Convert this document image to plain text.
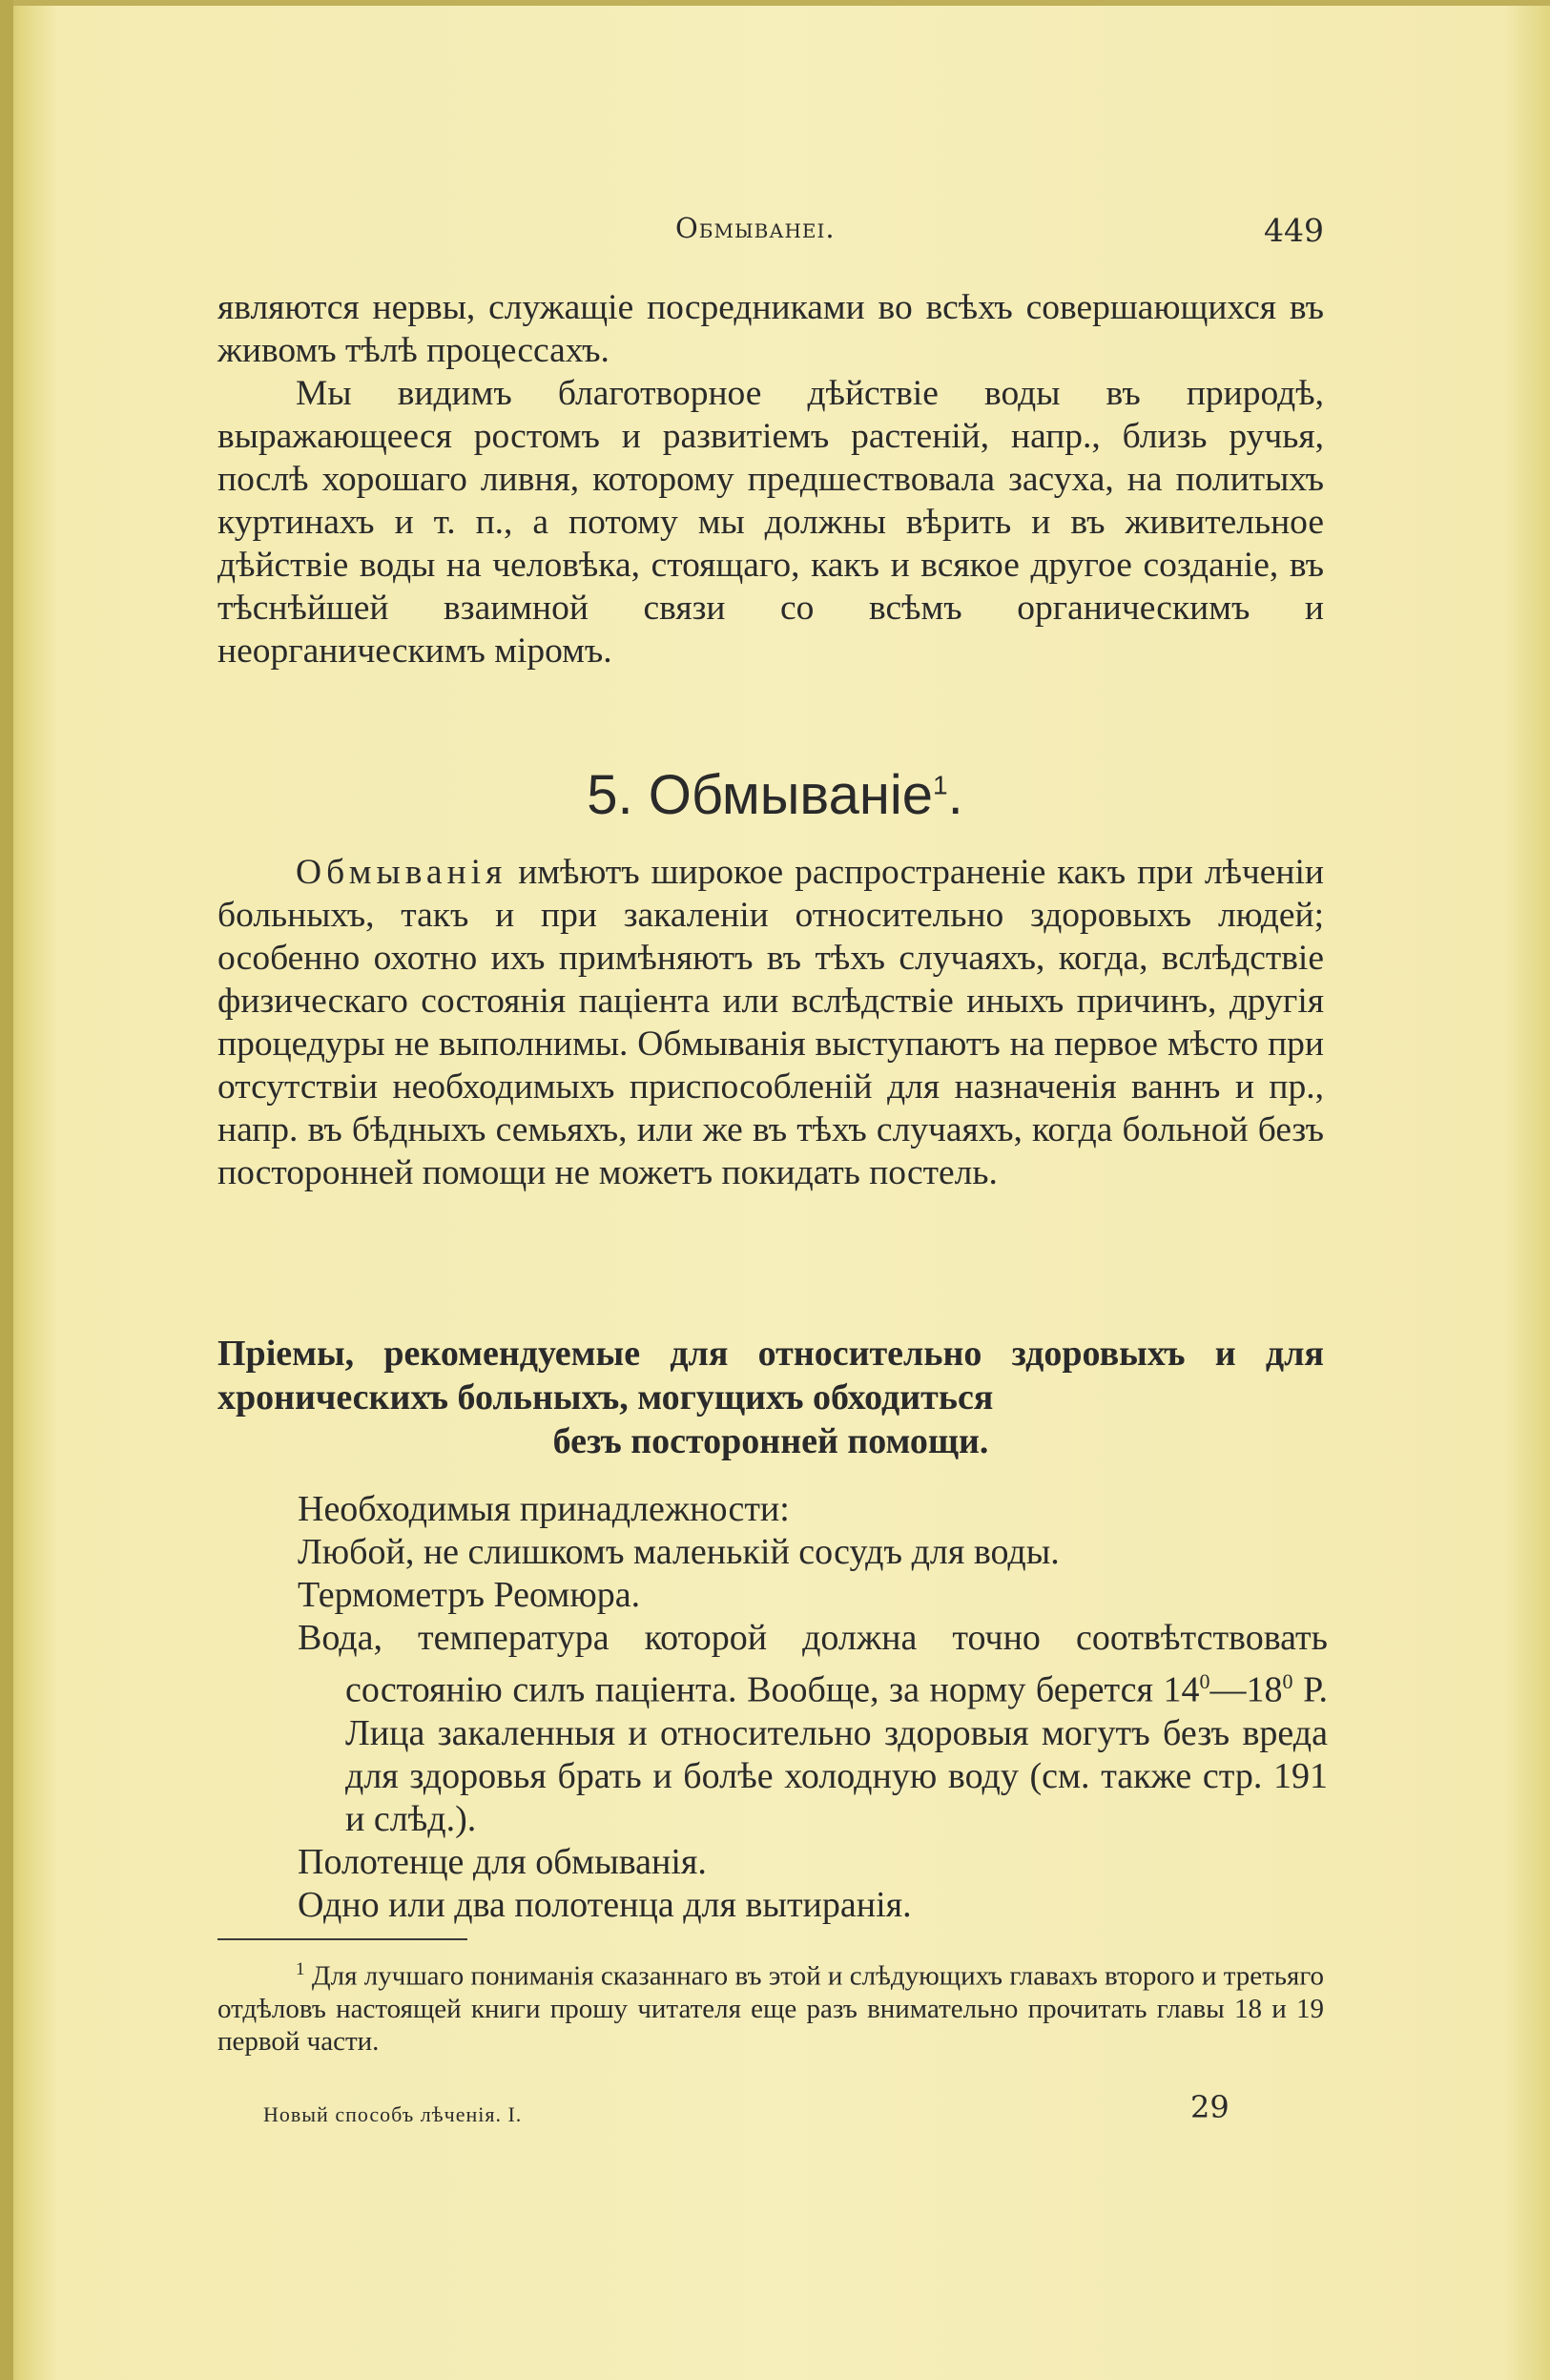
Обмыванеі.	449
являются нервы, служащіе посредниками во всѣхъ совершающихся въ живомъ тѣлѣ процессахъ.
Мы видимъ благотворное дѣйствіе воды въ природѣ, выражающееся ростомъ и развитіемъ растеній, напр., близь ручья, послѣ хорошаго ливня, которому предшествовала засуха, на политыхъ куртинахъ и т. п., а потому мы должны вѣрить и въ живительное дѣйствіе воды на человѣка, стоящаго, какъ и всякое другое созданіе, въ тѣснѣйшей взаимной связи со всѣмъ органическимъ и неорганическимъ міромъ.
5. Обмываніе$^1$.
Обмыванія имѣютъ широкое распространеніе какъ при лѣченіи больныхъ, такъ и при закаленіи относительно здоровыхъ людей; особенно охотно ихъ примѣняютъ въ тѣхъ случаяхъ, когда, вслѣдствіе физическаго состоянія паціента или вслѣдствіе иныхъ причинъ, другія процедуры не выполнимы. Обмыванія выступаютъ на первое мѣсто при отсутствіи необходимыхъ приспособленій для назначенія ваннъ и пр., напр. въ бѣдныхъ семьяхъ, или же въ тѣхъ случаяхъ, когда больной безъ посторонней помощи не можетъ покидать постель.
Пріемы, рекомендуемые для относительно здоровыхъ и для хроническихъ больныхъ, могущихъ обходиться
безъ посторонней помощи.
Необходимыя принадлежности:
Любой, не слишкомъ маленькій сосудъ для воды.
Термометръ Реомюра.
Вода, температура которой должна точно соотвѣтствовать состоянію силъ паціента. Вообще, за норму берется $14^0—18^0$ Р. Лица закаленныя и относительно здоровыя могутъ безъ вреда для здоровья брать и болѣе холодную воду (см. также стр. 191 и слѣд.).
Полотенце для обмыванія.
Одно или два полотенца для вытиранія.
$^1$ Для лучшаго пониманія сказаннаго въ этой и слѣдующихъ главахъ второго и третьяго отдѣловъ настоящей книги прошу читателя еще разъ внимательно прочитать главы 18 и 19 первой части.
Новый способъ лѣченія. I.	29
